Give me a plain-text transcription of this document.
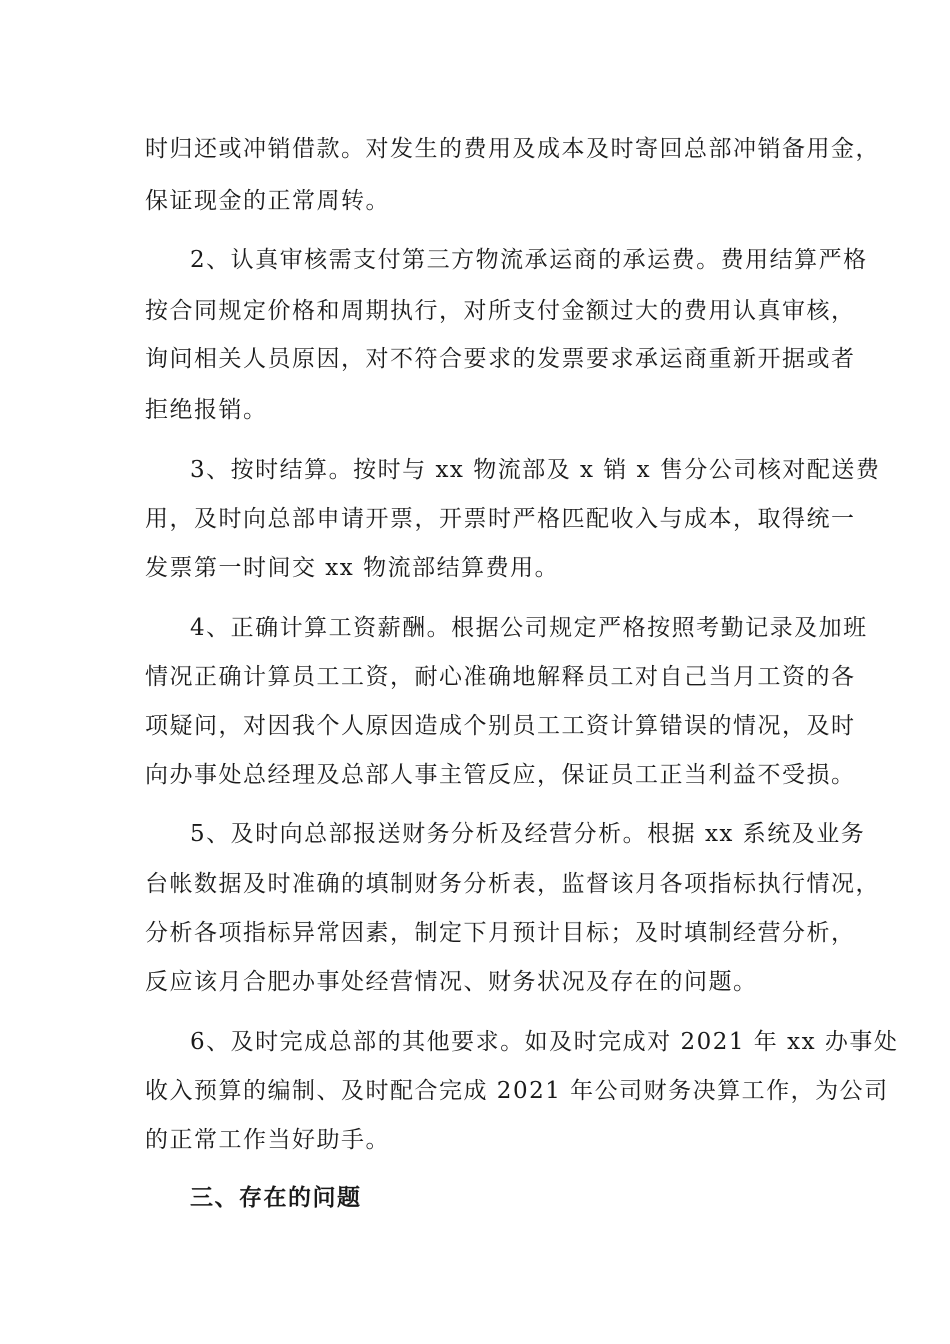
时归还或冲销借款。对发生的费用及成本及时寄回总部冲销备用金，
保证现金的正常周转。
2、认真审核需支付第三方物流承运商的承运费。费用结算严格
按合同规定价格和周期执行，对所支付金额过大的费用认真审核，
询问相关人员原因，对不符合要求的发票要求承运商重新开据或者
拒绝报销。
3、按时结算。按时与 xx 物流部及 x 销 x 售分公司核对配送费
用，及时向总部申请开票，开票时严格匹配收入与成本，取得统一
发票第一时间交 xx 物流部结算费用。
4、正确计算工资薪酬。根据公司规定严格按照考勤记录及加班
情况正确计算员工工资，耐心准确地解释员工对自己当月工资的各
项疑问，对因我个人原因造成个别员工工资计算错误的情况，及时
向办事处总经理及总部人事主管反应，保证员工正当利益不受损。
5、及时向总部报送财务分析及经营分析。根据 xx 系统及业务
台帐数据及时准确的填制财务分析表，监督该月各项指标执行情况，
分析各项指标异常因素，制定下月预计目标；及时填制经营分析，
反应该月合肥办事处经营情况、财务状况及存在的问题。
6、及时完成总部的其他要求。如及时完成对 2021 年 xx 办事处
收入预算的编制、及时配合完成 2021 年公司财务决算工作，为公司
的正常工作当好助手。
三、存在的问题
